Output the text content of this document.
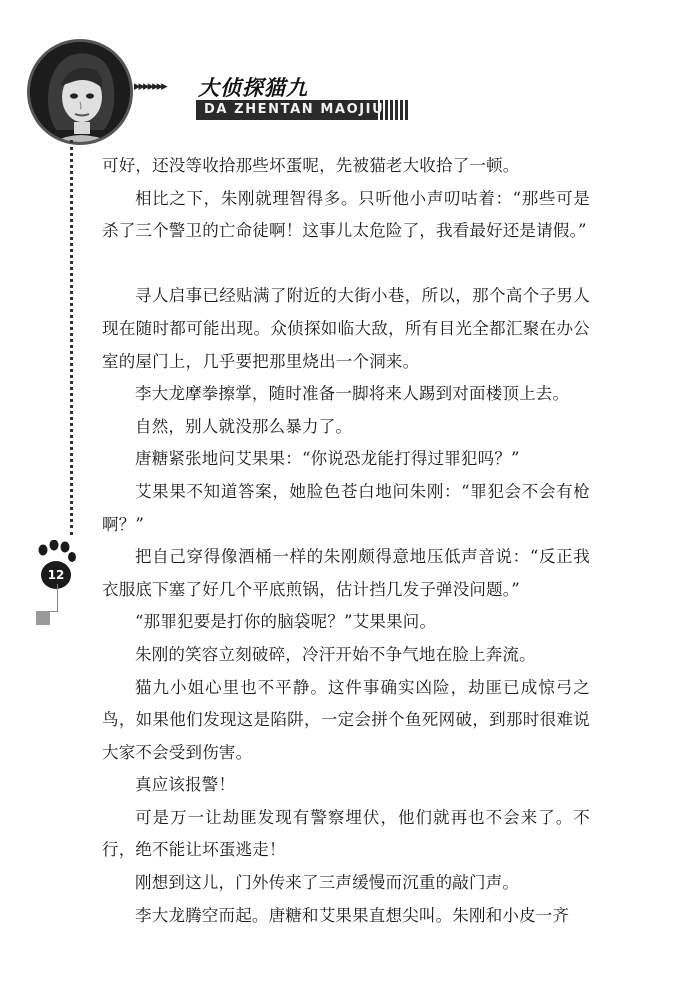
▸▸▸▸▸▸▸	大侦探猫九
DA ZHENTAN MAOJIU
12

可好，还没等收拾那些坏蛋呢，先被猫老大收拾了一顿。

相比之下，朱刚就理智得多。只听他小声叨咕着：“那些可是杀了三个警卫的亡命徒啊！这事儿太危险了，我看最好还是请假。”

寻人启事已经贴满了附近的大街小巷，所以，那个高个子男人现在随时都可能出现。众侦探如临大敌，所有目光全都汇聚在办公室的屋门上，几乎要把那里烧出一个洞来。

李大龙摩拳擦掌，随时准备一脚将来人踢到对面楼顶上去。

自然，别人就没那么暴力了。

唐糖紧张地问艾果果：“你说恐龙能打得过罪犯吗？”

艾果果不知道答案，她脸色苍白地问朱刚：“罪犯会不会有枪啊？”

把自己穿得像酒桶一样的朱刚颇得意地压低声音说：“反正我衣服底下塞了好几个平底煎锅，估计挡几发子弹没问题。”

“那罪犯要是打你的脑袋呢？”艾果果问。

朱刚的笑容立刻破碎，冷汗开始不争气地在脸上奔流。

猫九小姐心里也不平静。这件事确实凶险，劫匪已成惊弓之鸟，如果他们发现这是陷阱，一定会拼个鱼死网破，到那时很难说大家不会受到伤害。

真应该报警！

可是万一让劫匪发现有警察埋伏，他们就再也不会来了。不行，绝不能让坏蛋逃走！

刚想到这儿，门外传来了三声缓慢而沉重的敲门声。

李大龙腾空而起。唐糖和艾果果直想尖叫。朱刚和小皮一齐
